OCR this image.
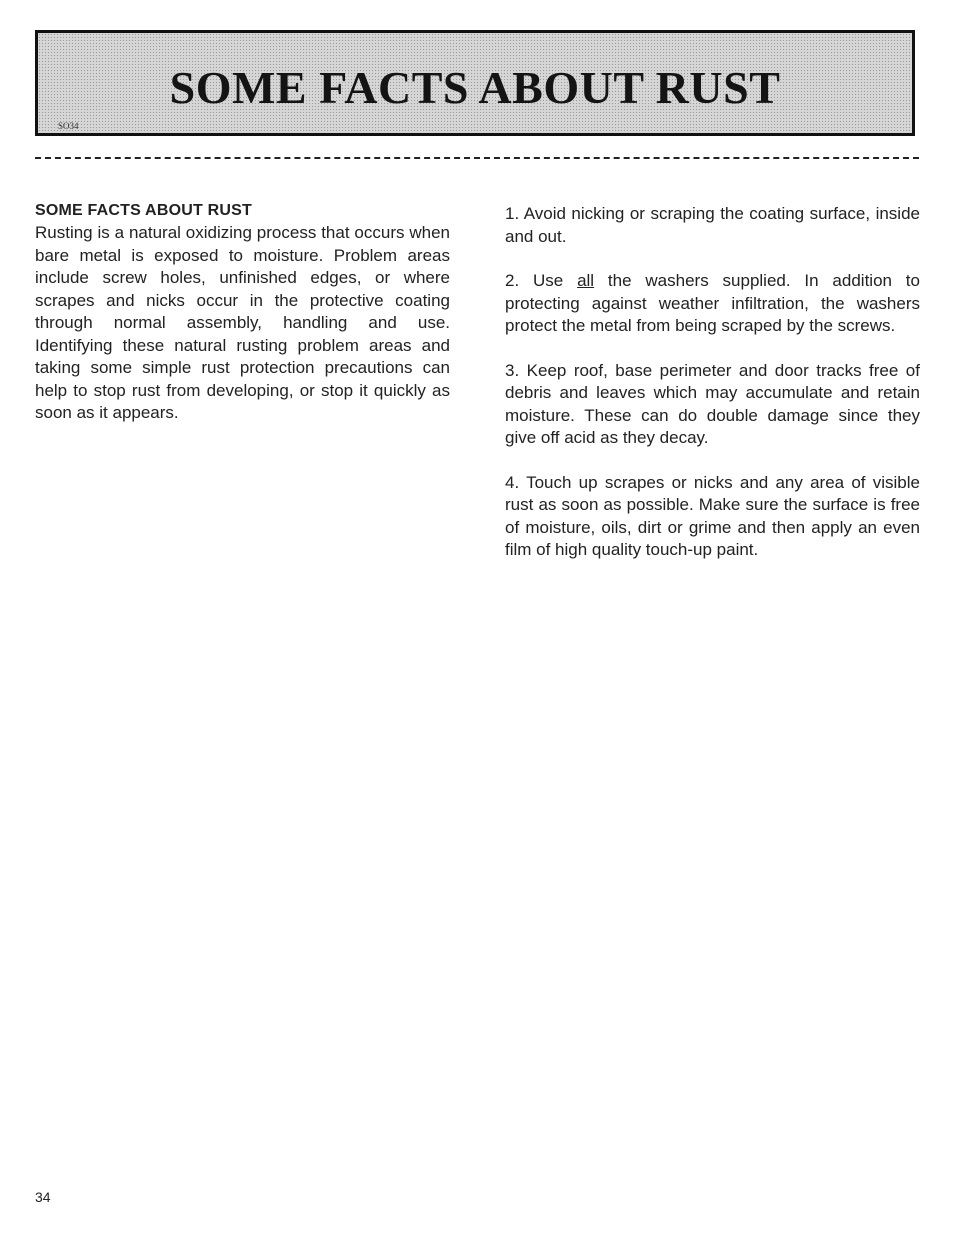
SOME FACTS ABOUT RUST
SO34

SOME FACTS ABOUT RUST

Rusting is a natural oxidizing process that occurs when bare metal is exposed to moisture. Problem areas include screw holes, unfinished edges, or where scrapes and nicks occur in the protective coating through normal assembly, handling and use. Identifying these natural rusting problem areas and taking some simple rust protection precautions can help to stop rust from developing, or stop it quickly as soon as it appears.

1. Avoid nicking or scraping the coating surface, inside and out.

2. Use all the washers supplied. In addition to protecting against weather infiltration, the washers protect the metal from being scraped by the screws.

3. Keep roof, base perimeter and door tracks free of debris and leaves which may accumulate and retain moisture. These can do double damage since they give off acid as they decay.

4. Touch up scrapes or nicks and any area of visible rust as soon as possible. Make sure the surface is free of moisture, oils, dirt or grime and then apply an even film of high quality touch-up paint.

34
